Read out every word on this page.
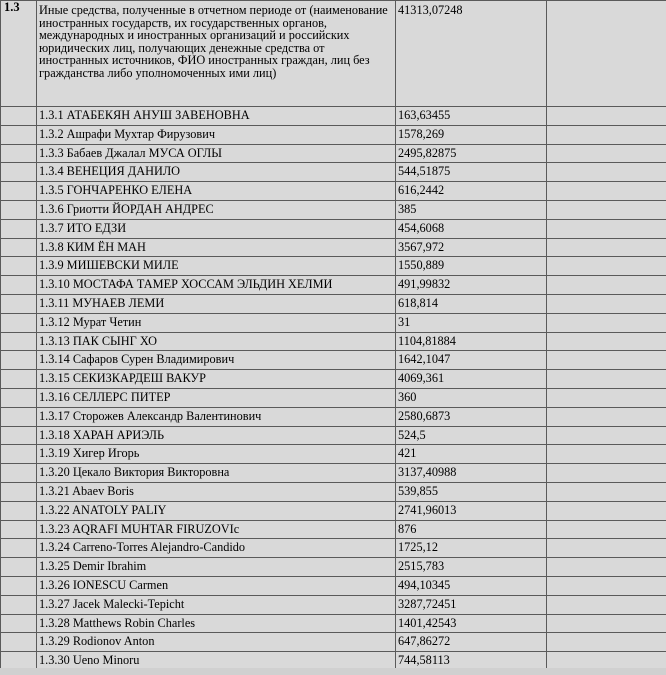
1.3	Иные средства, полученные в отчетном периоде от (наименование иностранных государств, их государственных органов, международных и иностранных организаций и российских юридических лиц, получающих денежные средства от иностранных источников, ФИО иностранных граждан, лиц без гражданства либо уполномоченных ими лиц)	41313,07248	
	1.3.1 АТАБЕКЯН АНУШ ЗАВЕНОВНА	163,63455	
	1.3.2 Ашрафи Мухтар Фирузович	1578,269	
	1.3.3 Бабаев Джалал МУСА ОГЛЫ	2495,82875	
	1.3.4 ВЕНЕЦИЯ ДАНИЛО	544,51875	
	1.3.5 ГОНЧАРЕНКО ЕЛЕНА	616,2442	
	1.3.6 Гриотти ЙОРДАН АНДРЕС	385	
	1.3.7 ИТО ЕДЗИ	454,6068	
	1.3.8 КИМ ЁН МАН	3567,972	
	1.3.9 МИШЕВСКИ МИЛЕ	1550,889	
	1.3.10 МОСТАФА ТАМЕР ХОССАМ ЭЛЬДИН ХЕЛМИ	491,99832	
	1.3.11 МУНАЕВ ЛЕМИ	618,814	
	1.3.12 Мурат Четин	31	
	1.3.13 ПАК СЫНГ ХО	1104,81884	
	1.3.14 Сафаров Сурен Владимирович	1642,1047	
	1.3.15 СЕКИЗКАРДЕШ ВАКУР	4069,361	
	1.3.16 СЕЛЛЕРС ПИТЕР	360	
	1.3.17 Сторожев Александр Валентинович	2580,6873	
	1.3.18 ХАРАН АРИЭЛЬ	524,5	
	1.3.19 Хигер Игорь	421	
	1.3.20 Цекало Виктория Викторовна	3137,40988	
	1.3.21 Abaev Boris	539,855	
	1.3.22 ANATOLY PALIY	2741,96013	
	1.3.23 AQRAFI MUHTAR FIRUZOVIc	876	
	1.3.24 Carreno-Torres Alejandro-Candido	1725,12	
	1.3.25 Demir Ibrahim	2515,783	
	1.3.26 IONESCU Carmen	494,10345	
	1.3.27 Jacek Malecki-Tepicht	3287,72451	
	1.3.28 Matthews Robin Charles	1401,42543	
	1.3.29 Rodionov Anton	647,86272	
	1.3.30 Ueno Minoru	744,58113	
